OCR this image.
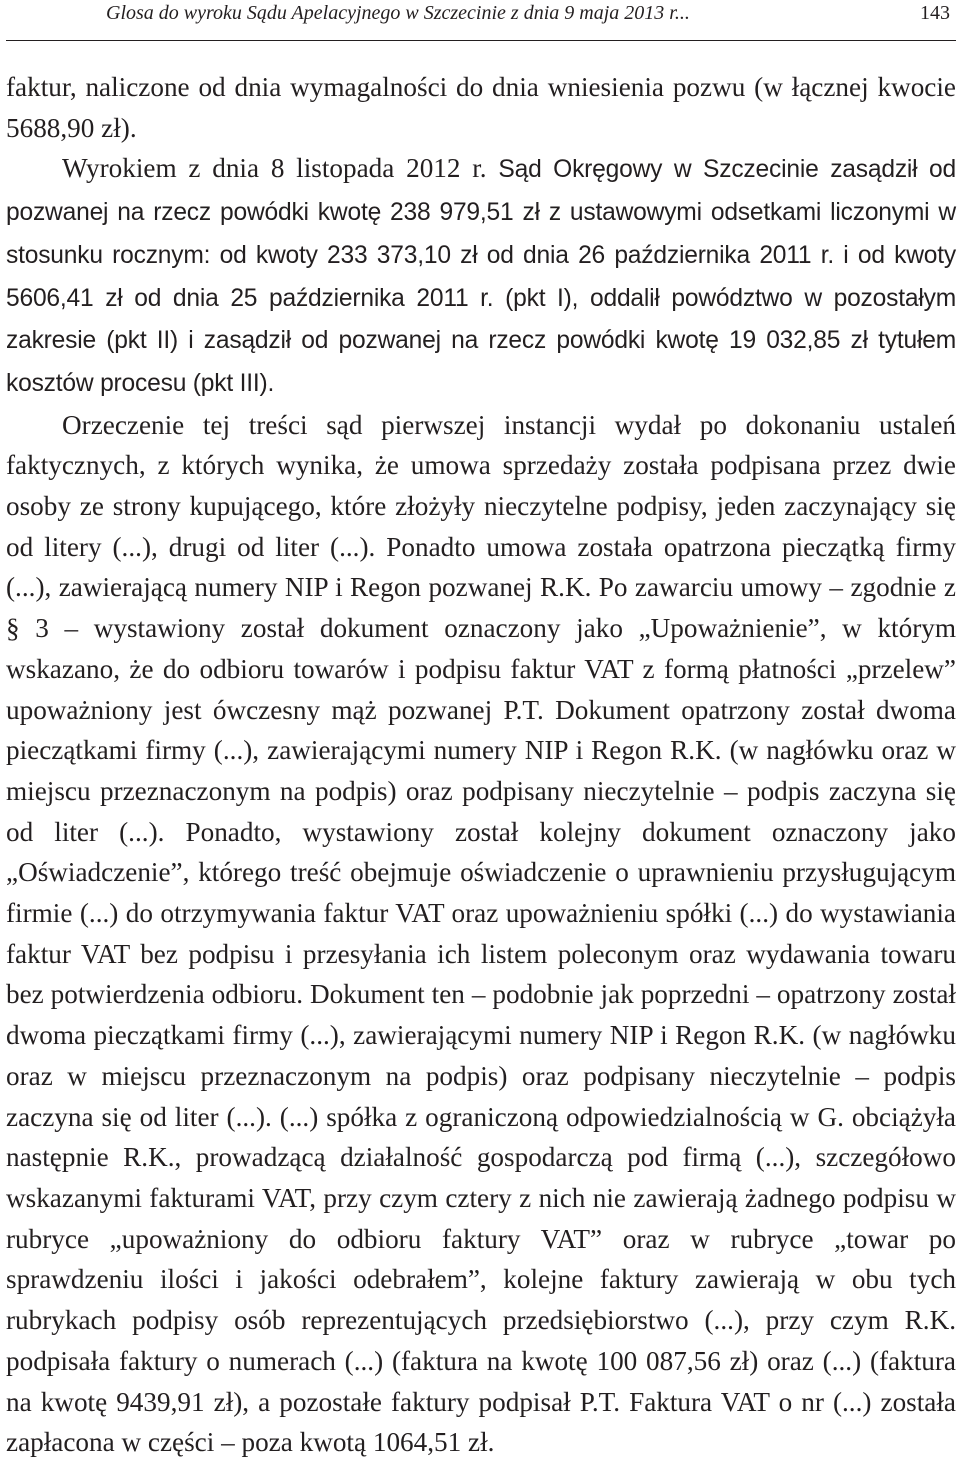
Glosa do wyroku Sądu Apelacyjnego w Szczecinie z dnia 9 maja 2013 r...	143

faktur, naliczone od dnia wymagalności do dnia wniesienia pozwu (w łącznej kwocie 5688,90 zł).

Wyrokiem z dnia 8 listopada 2012 r. Sąd Okręgowy w Szczecinie zasądził od pozwanej na rzecz powódki kwotę 238 979,51 zł z ustawowymi odsetkami liczonymi w stosunku rocznym: od kwoty 233 373,10 zł od dnia 26 października 2011 r. i od kwoty 5606,41 zł od dnia 25 października 2011 r. (pkt I), oddalił powództwo w pozostałym zakresie (pkt II) i zasądził od pozwanej na rzecz powódki kwotę 19 032,85 zł tytułem kosztów procesu (pkt III).

Orzeczenie tej treści sąd pierwszej instancji wydał po dokonaniu ustaleń faktycznych, z których wynika, że umowa sprzedaży została podpisana przez dwie osoby ze strony kupującego, które złożyły nieczytelne podpisy, jeden zaczynający się od litery (...), drugi od liter (...). Ponadto umowa została opatrzona pieczątką firmy (...), zawierającą numery NIP i Regon pozwanej R.K. Po zawarciu umowy – zgodnie z § 3 – wystawiony został dokument oznaczony jako „Upoważnienie”, w którym wskazano, że do odbioru towarów i podpisu faktur VAT z formą płatności „przelew” upoważniony jest ówczesny mąż pozwanej P.T. Dokument opatrzony został dwoma pieczątkami firmy (...), zawierającymi numery NIP i Regon R.K. (w nagłówku oraz w miejscu przeznaczonym na podpis) oraz podpisany nieczytelnie – podpis zaczyna się od liter (...). Ponadto, wystawiony został kolejny dokument oznaczony jako „Oświadczenie”, którego treść obejmuje oświadczenie o uprawnieniu przysługującym firmie (...) do otrzymywania faktur VAT oraz upoważnieniu spółki (...) do wystawiania faktur VAT bez podpisu i przesyłania ich listem poleconym oraz wydawania towaru bez potwierdzenia odbioru. Dokument ten – podobnie jak poprzedni – opatrzony został dwoma pieczątkami firmy (...), zawierającymi numery NIP i Regon R.K. (w nagłówku oraz w miejscu przeznaczonym na podpis) oraz podpisany nieczytelnie – podpis zaczyna się od liter (...). (...) spółka z ograniczoną odpowiedzialnością w G. obciążyła następnie R.K., prowadzącą działalność gospodarczą pod firmą (...), szczegółowo wskazanymi fakturami VAT, przy czym cztery z nich nie zawierają żadnego podpisu w rubryce „upoważniony do odbioru faktury VAT” oraz w rubryce „towar po sprawdzeniu ilości i jakości odebrałem”, kolejne faktury zawierają w obu tych rubrykach podpisy osób reprezentujących przedsiębiorstwo (...), przy czym R.K. podpisała faktury o numerach (...) (faktura na kwotę 100 087,56 zł) oraz (...) (faktura na kwotę 9439,91 zł), a pozostałe faktury podpisał P.T. Faktura VAT o nr (...) została zapłacona w części – poza kwotą 1064,51 zł.
